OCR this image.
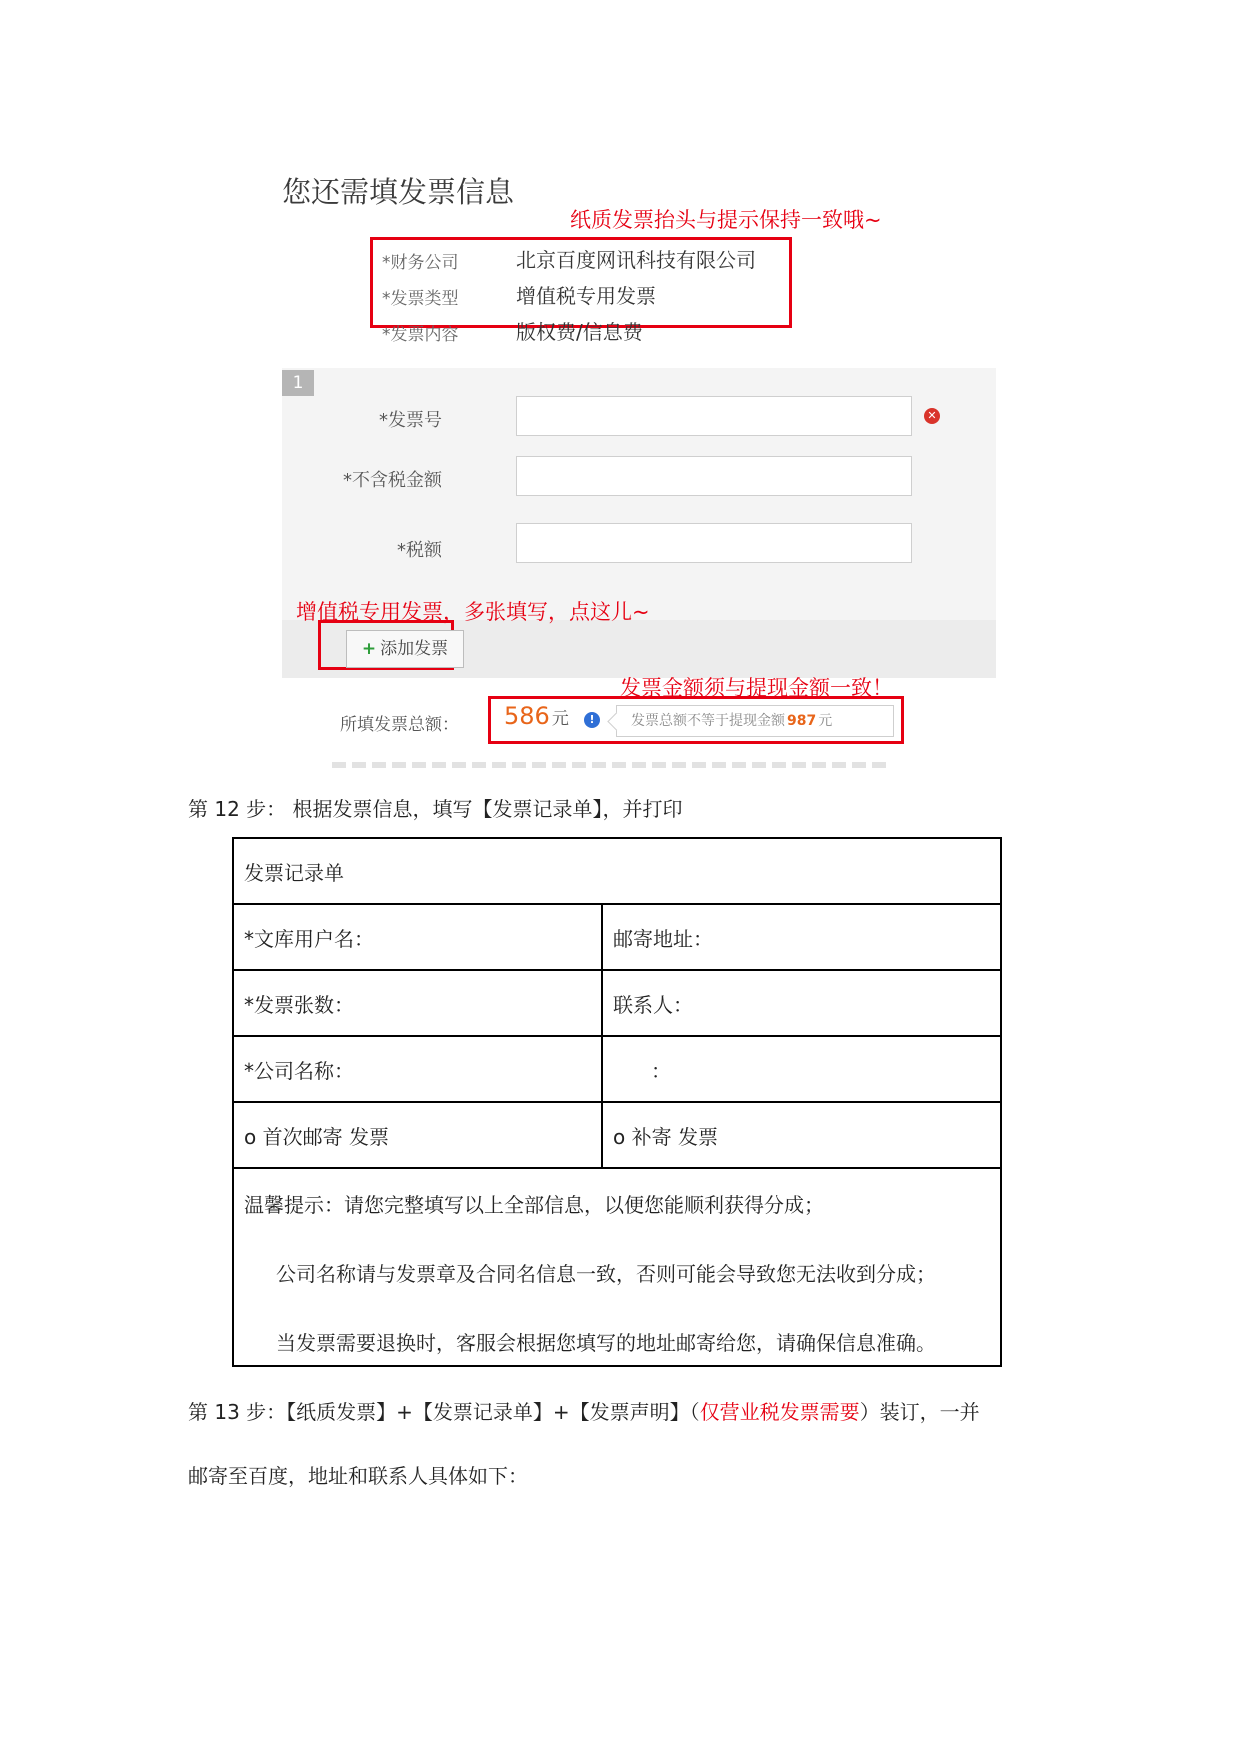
您还需填发票信息
纸质发票抬头与提示保持一致哦~
*财务公司	北京百度网讯科技有限公司
*发票类型	增值税专用发票
*发票内容	版权费/信息费
1
*发票号	✕
*不含税金额
*税额
增值税专用发票，多张填写，点这儿~
+ 添加发票
发票金额须与提现金额一致！
所填发票总额： 586 元	!	发票总额不等于提现金额 987 元
第 12 步： 根据发票信息，填写【发票记录单】，并打印
发票记录单	
*文库用户名：	邮寄地址：
*发票张数：	联系人：
*公司名称：	：
o 首次邮寄 发票	o 补寄 发票

温馨提示：请您完整填写以上全部信息，以便您能顺利获得分成；
公司名称请与发票章及合同名信息一致，否则可能会导致您无法收到分成；
当发票需要退换时，客服会根据您填写的地址邮寄给您，请确保信息准确。	
第 13 步：【纸质发票】+【发票记录单】+【发票声明】（仅营业税发票需要）装订，一并
邮寄至百度，地址和联系人具体如下：
